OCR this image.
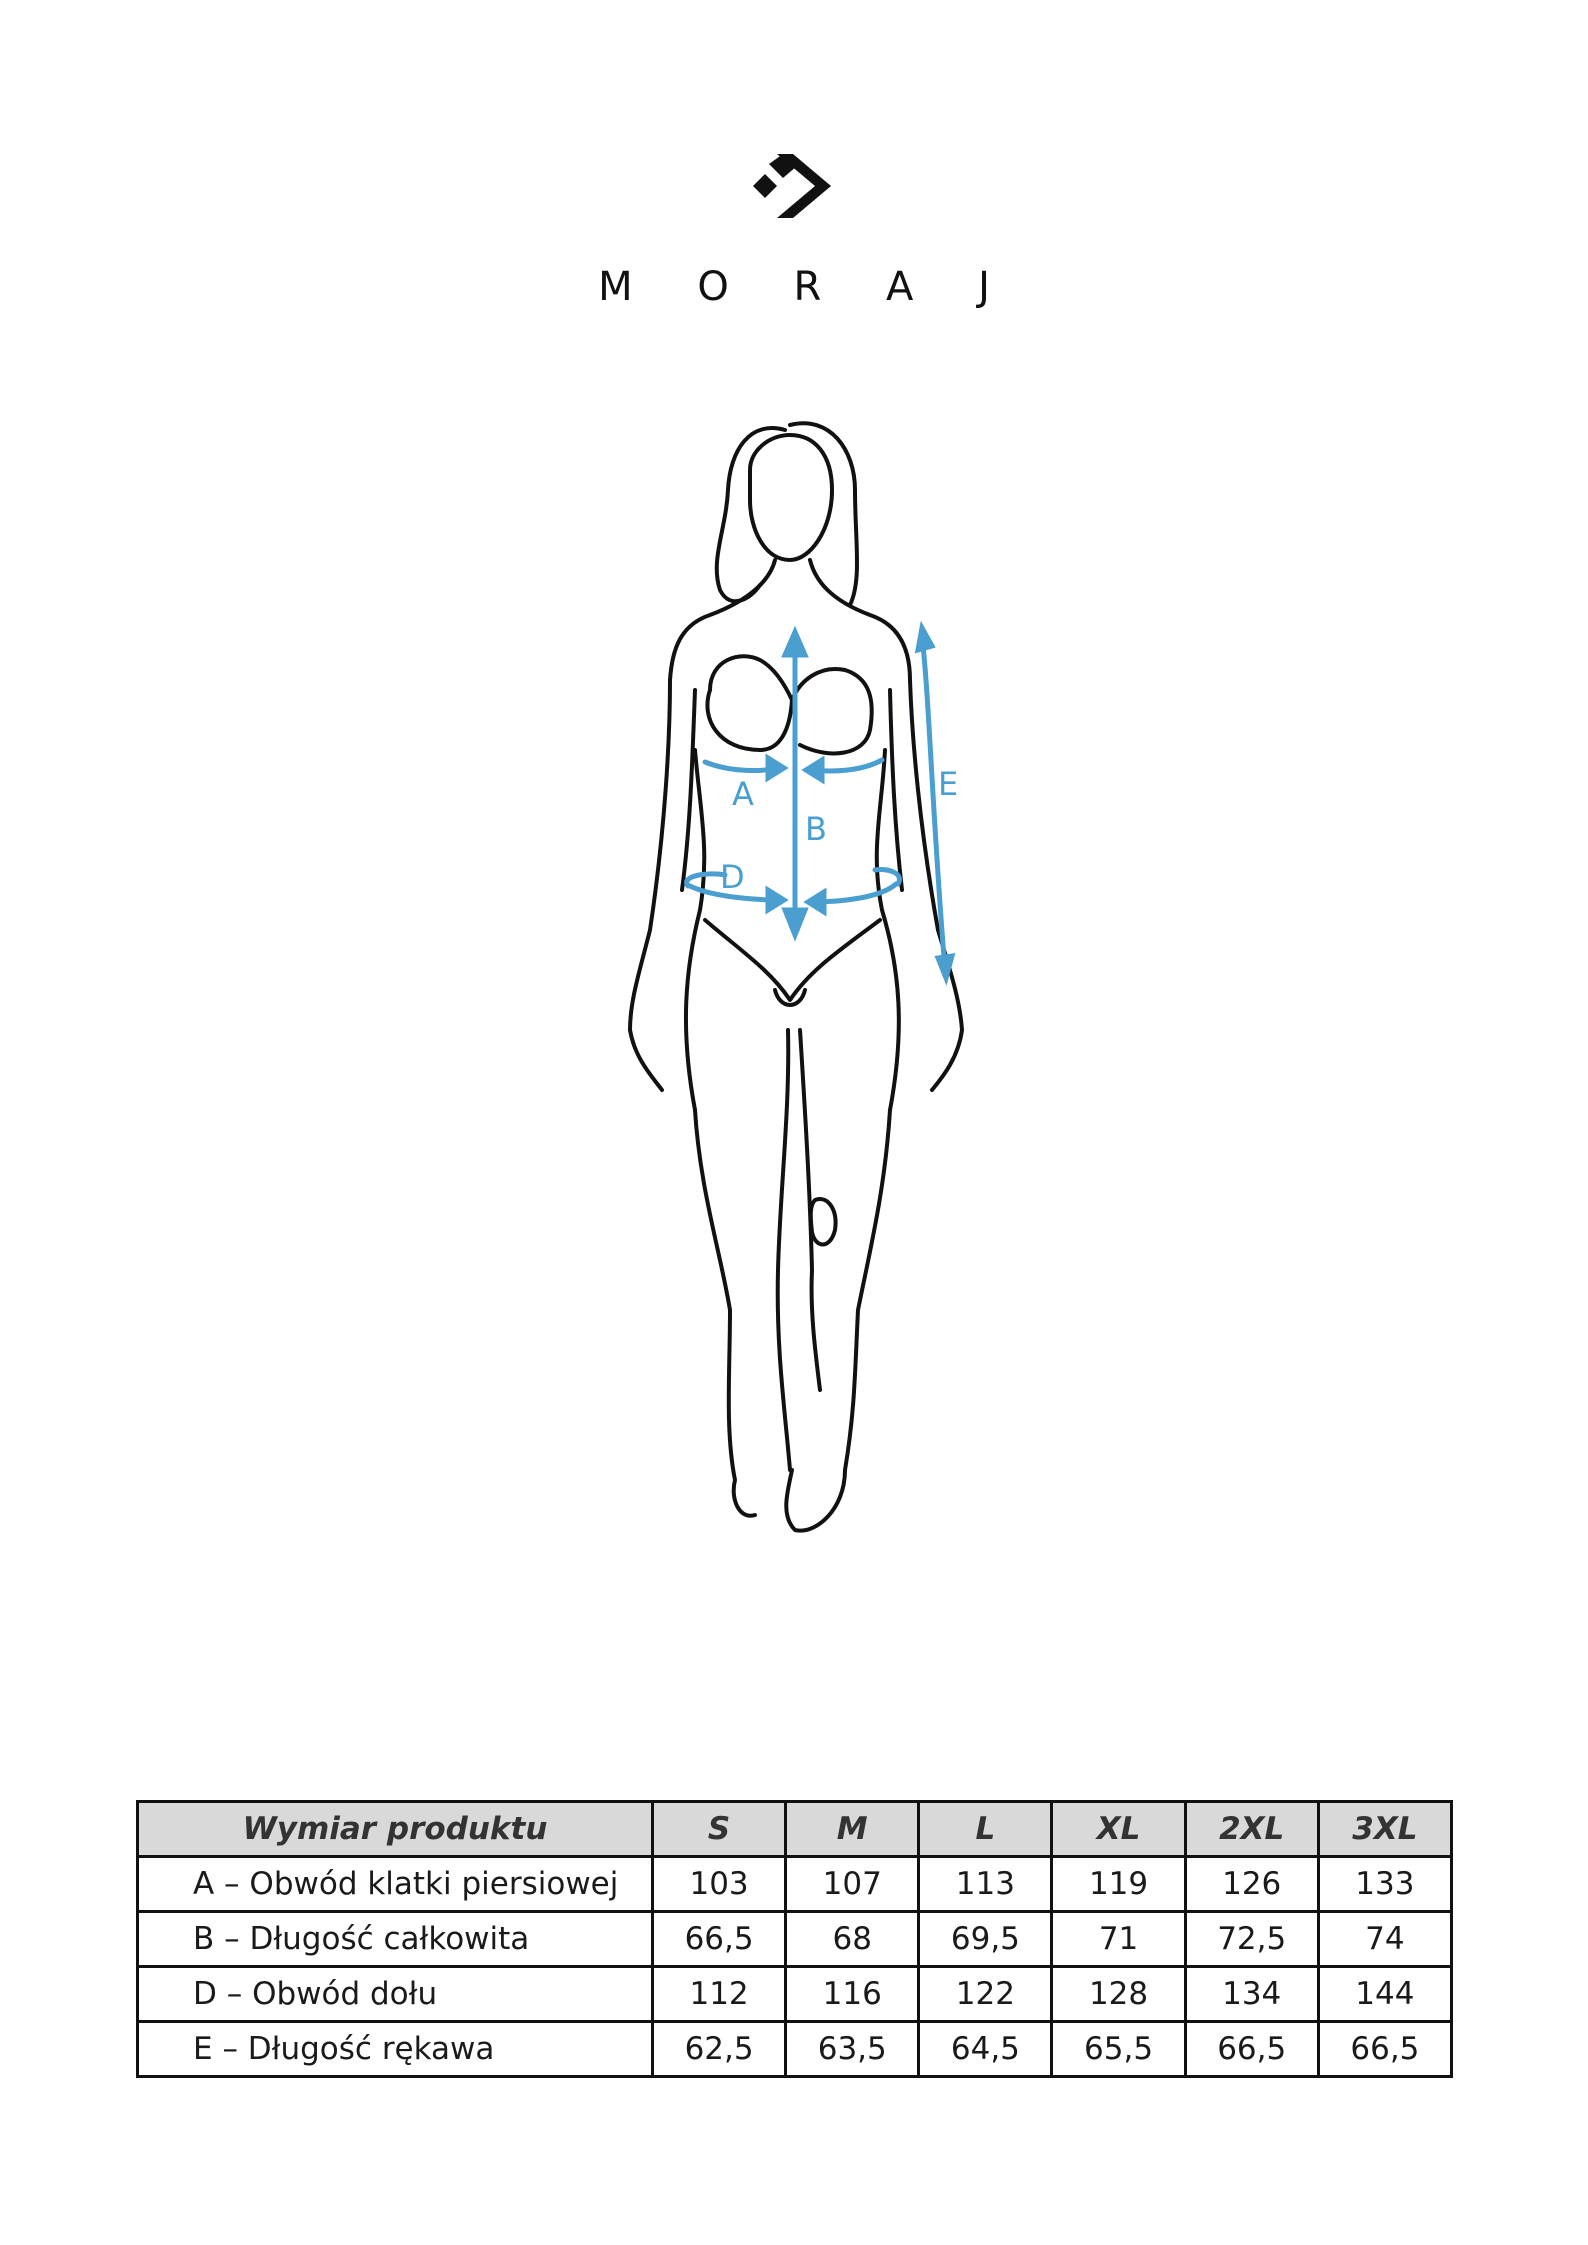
M O R A J
A
B
D
E
Wymiar produktu	S	M	L	XL	2XL	3XL
A – Obwód klatki piersiowej	103	107	113	119	126	133
B – Długość całkowita	66,5	68	69,5	71	72,5	74
D – Obwód dołu	112	116	122	128	134	144
E – Długość rękawa	62,5	63,5	64,5	65,5	66,5	66,5
